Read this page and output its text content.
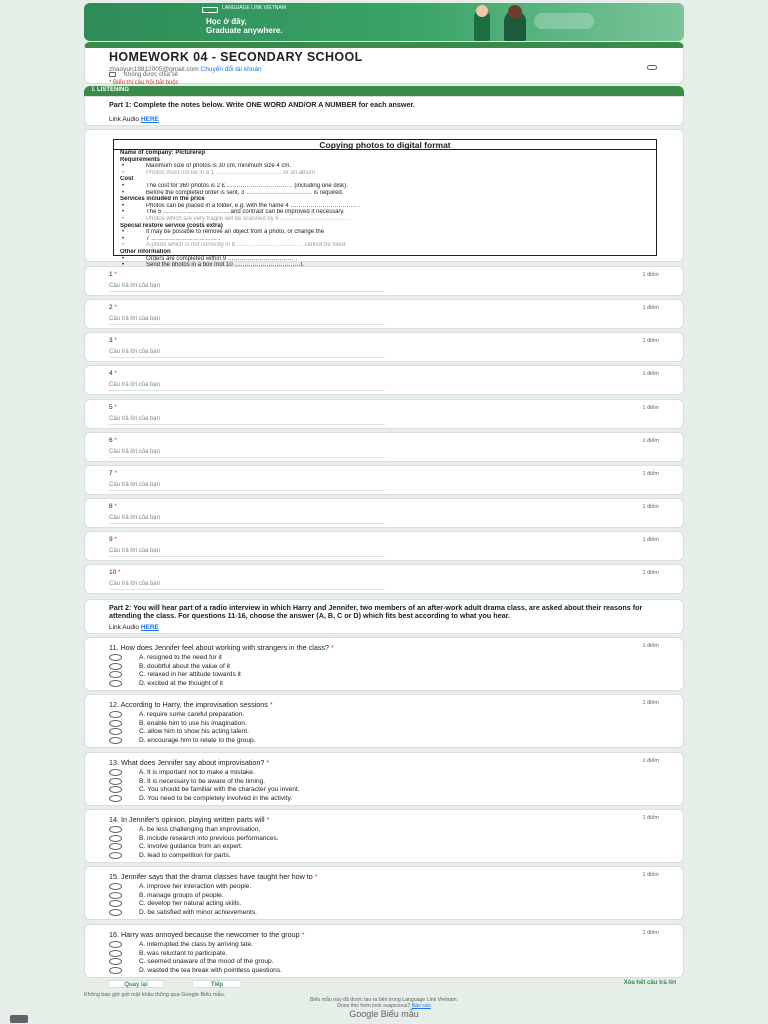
LANGUAGE LINK VIETNAM
Học ở đây,
Graduate anywhere.
HOMEWORK 04 - SECONDARY SCHOOL
zhaoyun19812005@gmail.com Chuyển đổi tài khoản
Không được chia sẻ
* Biểu thị câu hỏi bắt buộc
I. LISTENING
Part 1: Complete the notes below. Write ONE WORD AND/OR A NUMBER for each answer.
Link Audio HERE
Copying photos to digital format
Name of company: Picturerep
Requirements
• Maximum size of photos is 30 cm, minimum size 4 cm.
• Photos must not be in a 1 …………………………… or an album.
Cost
• The cost for 360 photos is 2 £ …………………………… (including one disk).
• Before the completed order is sent, 3 …………………………… is required.
Services included in the price
• Photos can be placed in a folder, e.g. with the name 4 …………………………… .
• The 5 …………………………… and contrast can be improved if necessary.
• Photos which are very fragile will be scanned by 6 …………………………… .
Special restore service (costs extra)
• It may be possible to remove an object from a photo, or change the
• 7 …………………………… .
• A photo which is not correctly in 8 …………………………… cannot be fixed.
Other information
• Orders are completed within 9 …………………………… .
•
Part 2: You will hear part of a radio interview in which Harry and Jennifer, two members of an after-work adult drama class, are asked about their reasons for attending the class. For questions 11-16, choose the answer (A, B, C or D) which fits best according to what you hear.
Link Audio HERE
Quay lại	Tiếp	Xóa hết câu trả lời
Không bao giờ gửi mật khẩu thông qua Google Biểu mẫu.
Biểu mẫu này đã được tạo ra bên trong Language Link Vietnam.
Does this form look suspicious? Báo cáo
Google Biểu mẫu
1 *	1 điểm
Câu trả lời của bạn
2 *	1 điểm
Câu trả lời của bạn
3 *	1 điểm
Câu trả lời của bạn
4 *	1 điểm
Câu trả lời của bạn
5 *	1 điểm
Câu trả lời của bạn
6 *	1 điểm
Câu trả lời của bạn
7 *	1 điểm
Câu trả lời của bạn
8 *	1 điểm
Câu trả lời của bạn
9 *	1 điểm
Câu trả lời của bạn
10 *	1 điểm
Câu trả lời của bạn
11. How does Jennifer feel about working with strangers in the class? *	1 điểm
A. resigned to the need for it
B. doubtful about the value of it
C. relaxed in her attitude towards it
D. excited at the thought of it
12. According to Harry, the improvisation sessions *	1 điểm
A. require some careful preparation.
B. enable him to use his imagination.
C. allow him to show his acting talent.
D. encourage him to relate to the group.
13. What does Jennifer say about improvisation? *	1 điểm
A. It is important not to make a mistake.
B. It is necessary to be aware of the timing.
C. You should be familiar with the character you invent.
D. You need to be completely involved in the activity.
14. In Jennifer's opinion, playing written parts will *	1 điểm
A. be less challenging than improvisation.
B. include research into previous performances.
C. involve guidance from an expert.
D. lead to competition for parts.
15. Jennifer says that the drama classes have taught her how to *	1 điểm
A. improve her interaction with people.
B. manage groups of people.
C. develop her natural acting skills.
D. be satisfied with minor achievements.
16. Harry was annoyed because the newcomer to the group *	1 điểm
A. interrupted the class by arriving late.
B. was reluctant to participate.
C. seemed unaware of the mood of the group.
D. wasted the tea break with pointless questions.
